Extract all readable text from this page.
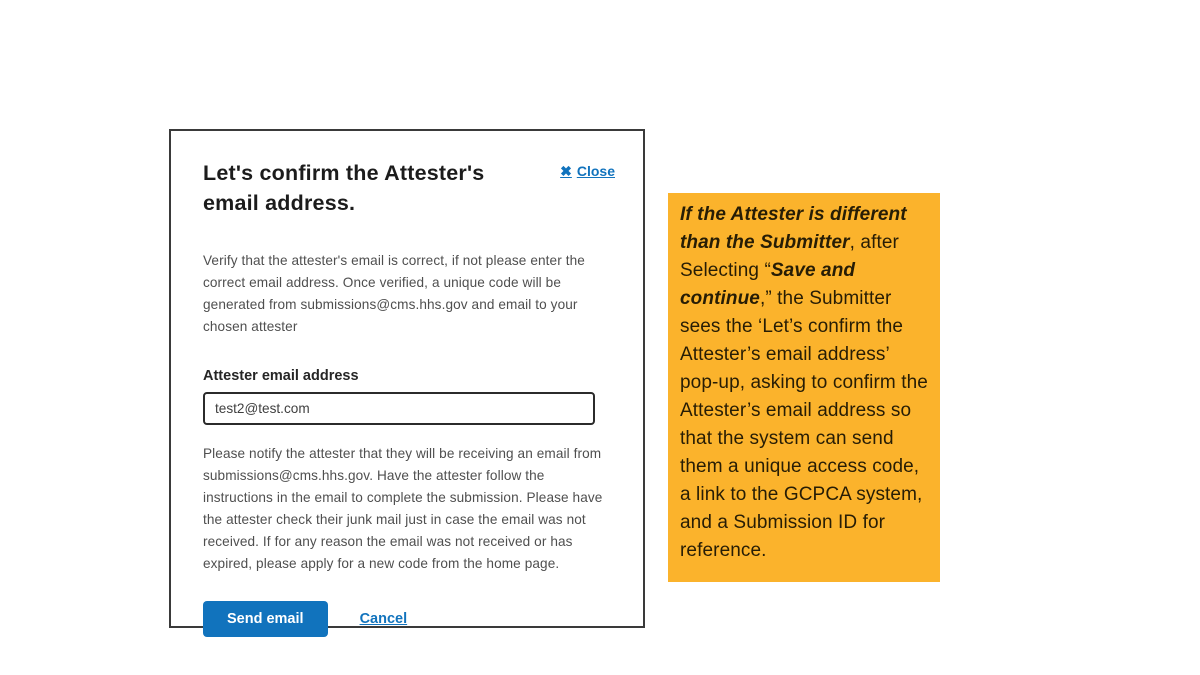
Let's confirm the Attester's email address.
✖ Close

Verify that the attester's email is correct, if not please enter the correct email address. Once verified, a unique code will be generated from submissions@cms.hhs.gov and email to your chosen attester

Attester email address
test2@test.com

Please notify the attester that they will be receiving an email from submissions@cms.hhs.gov. Have the attester follow the instructions in the email to complete the submission. Please have the attester check their junk mail just in case the email was not received. If for any reason the email was not received or has expired, please apply for a new code from the home page.

Send email	Cancel
If the Attester is different than the Submitter, after Selecting “Save and continue,” the Submitter sees the ‘Let’s confirm the Attester’s email address’ pop-up, asking to confirm the Attester’s email address so that the system can send them a unique access code, a link to the GCPCA system, and a Submission ID for reference.
